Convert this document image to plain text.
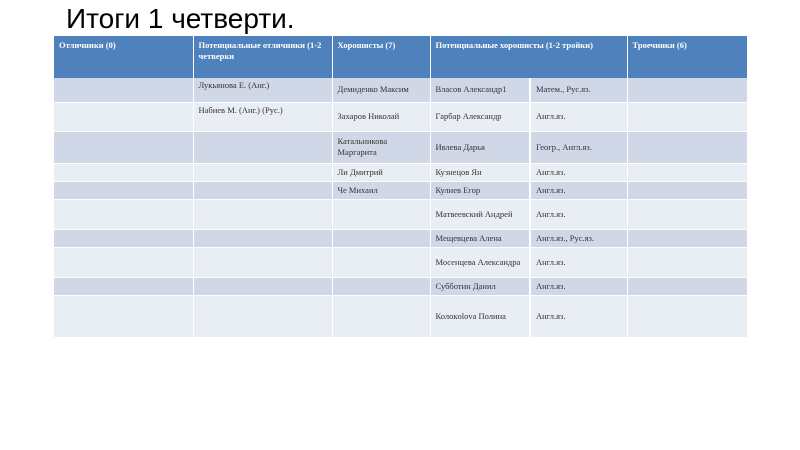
Итоги 1 четверти.
Отличники (0)	Потенциальные отличники (1-2 четверки	Хорошисты (7)	Потенциальные хорошисты (1-2 тройки)		Троечники (6)
	Лукьянова Е. (Анг.)	Демиденко Максим	Власов Александр1	Матем., Рус.яз.	
	Набиев М. (Анг.) (Рус.)	Захаров Николай	Гарбар Александр	Англ.яз.	
		Катальникова Маргарита	Ивлева Дарья	Геогр., Англ.яз.	
		Ли Дмитрий	Кузнецов Ян	Англ.яз.	
		Че Михаил	Кулиев Егор	Англ.яз.	
			Матвеевский Андрей	Англ.яз.	
			Мещевцева Алена	Англ.яз., Рус.яз.	
			Мосенцева Александра	Англ.яз.	
			Субботин Данил	Англ.яз.	
			Колокolova Полина	Англ.яз.	
